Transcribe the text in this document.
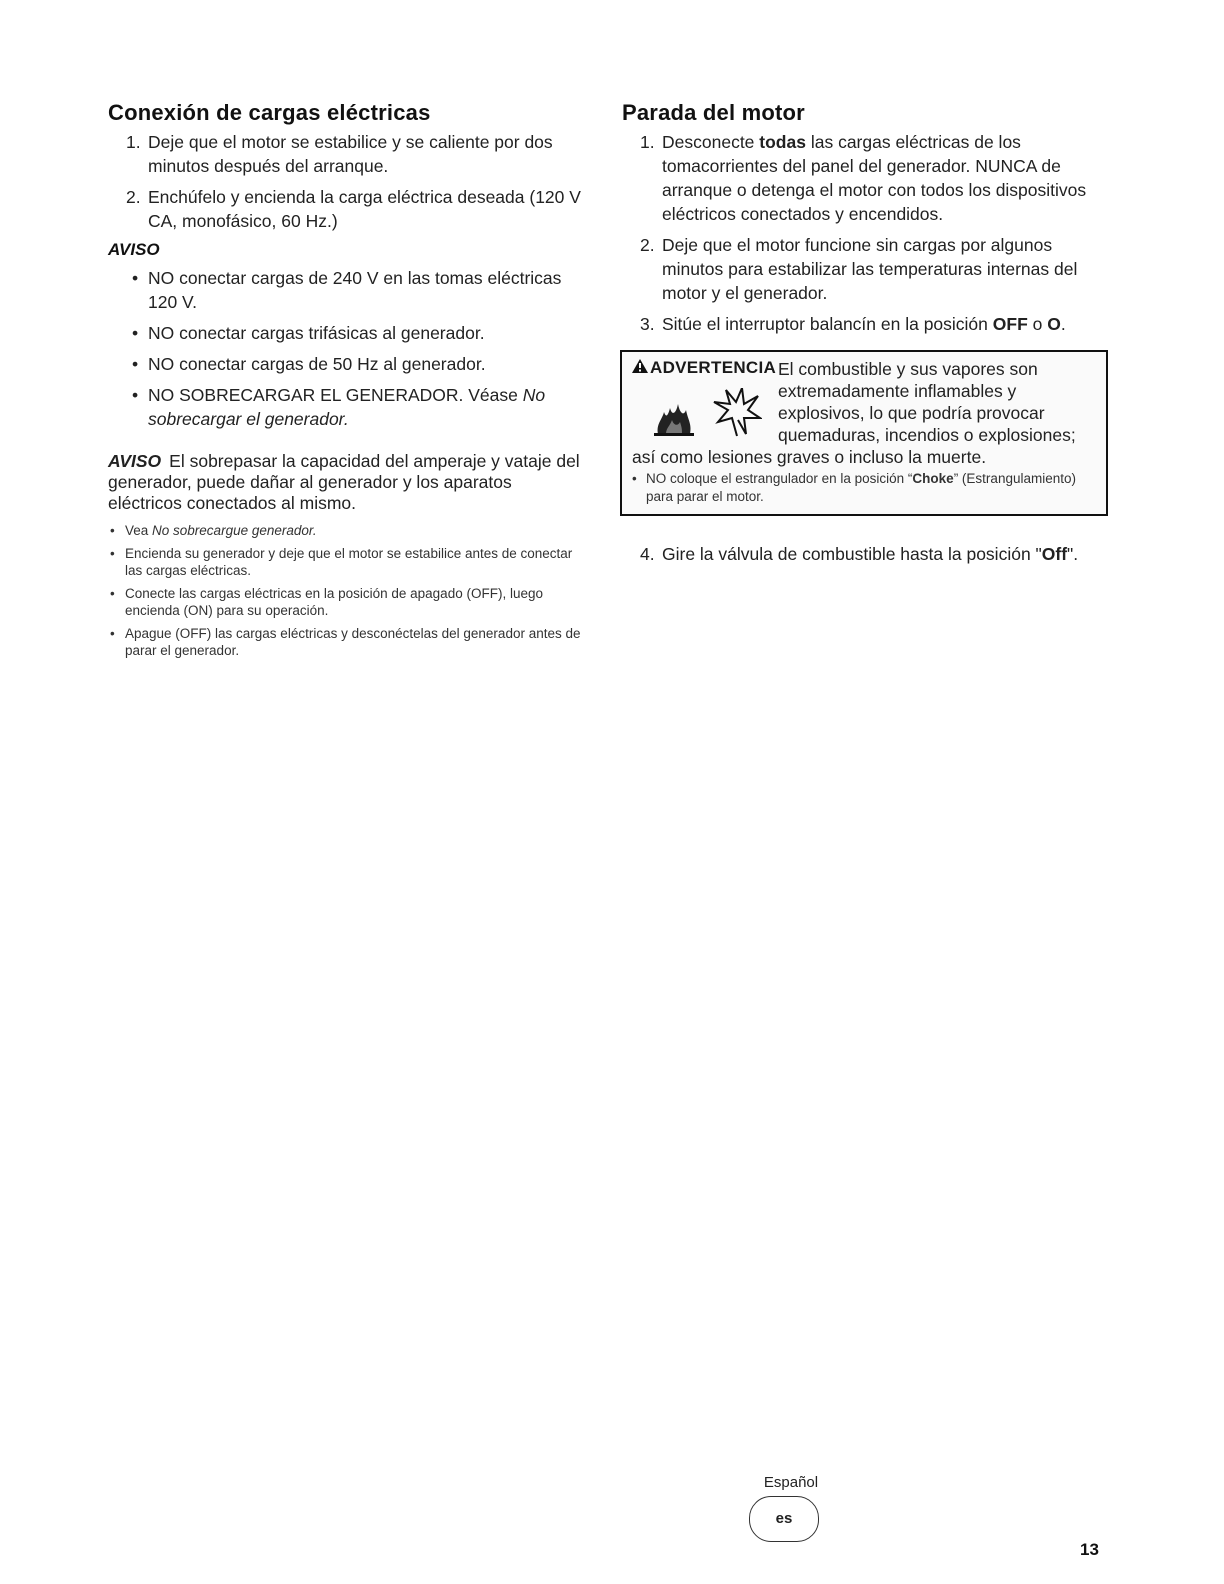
Conexión de cargas eléctricas
1. Deje que el motor se estabilice y se caliente por dos minutos después del arranque.
2. Enchúfelo y encienda la carga eléctrica deseada (120 V CA, monofásico, 60 Hz.)
AVISO
• NO conectar cargas de 240 V en las tomas eléctricas 120 V.
• NO conectar cargas trifásicas al generador.
• NO conectar cargas de 50 Hz al generador.
• NO SOBRECARGAR EL GENERADOR. Véase No sobrecargar el generador.
AVISO El sobrepasar la capacidad del amperaje y vataje del generador, puede dañar al generador y los aparatos eléctricos conectados al mismo.
• Vea No sobrecargue generador.
• Encienda su generador y deje que el motor se estabilice antes de conectar las cargas eléctricas.
• Conecte las cargas eléctricas en la posición de apagado (OFF), luego encienda (ON) para su operación.
• Apague (OFF) las cargas eléctricas y desconéctelas del generador antes de parar el generador.
Parada del motor
1. Desconecte todas las cargas eléctricas de los tomacorrientes del panel del generador. NUNCA de arranque o detenga el motor con todos los dispositivos eléctricos conectados y encendidos.
2. Deje que el motor funcione sin cargas por algunos minutos para estabilizar las temperaturas internas del motor y el generador.
3. Sitúe el interruptor balancín en la posición OFF o O.
ADVERTENCIA El combustible y sus vapores son extremadamente inflamables y explosivos, lo que podría provocar quemaduras, incendios o explosiones;
así como lesiones graves o incluso la muerte.
• NO coloque el estrangulador en la posición “Choke” (Estrangulamiento) para parar el motor.
4. Gire la válvula de combustible hasta la posición "Off".
Español
es
13
